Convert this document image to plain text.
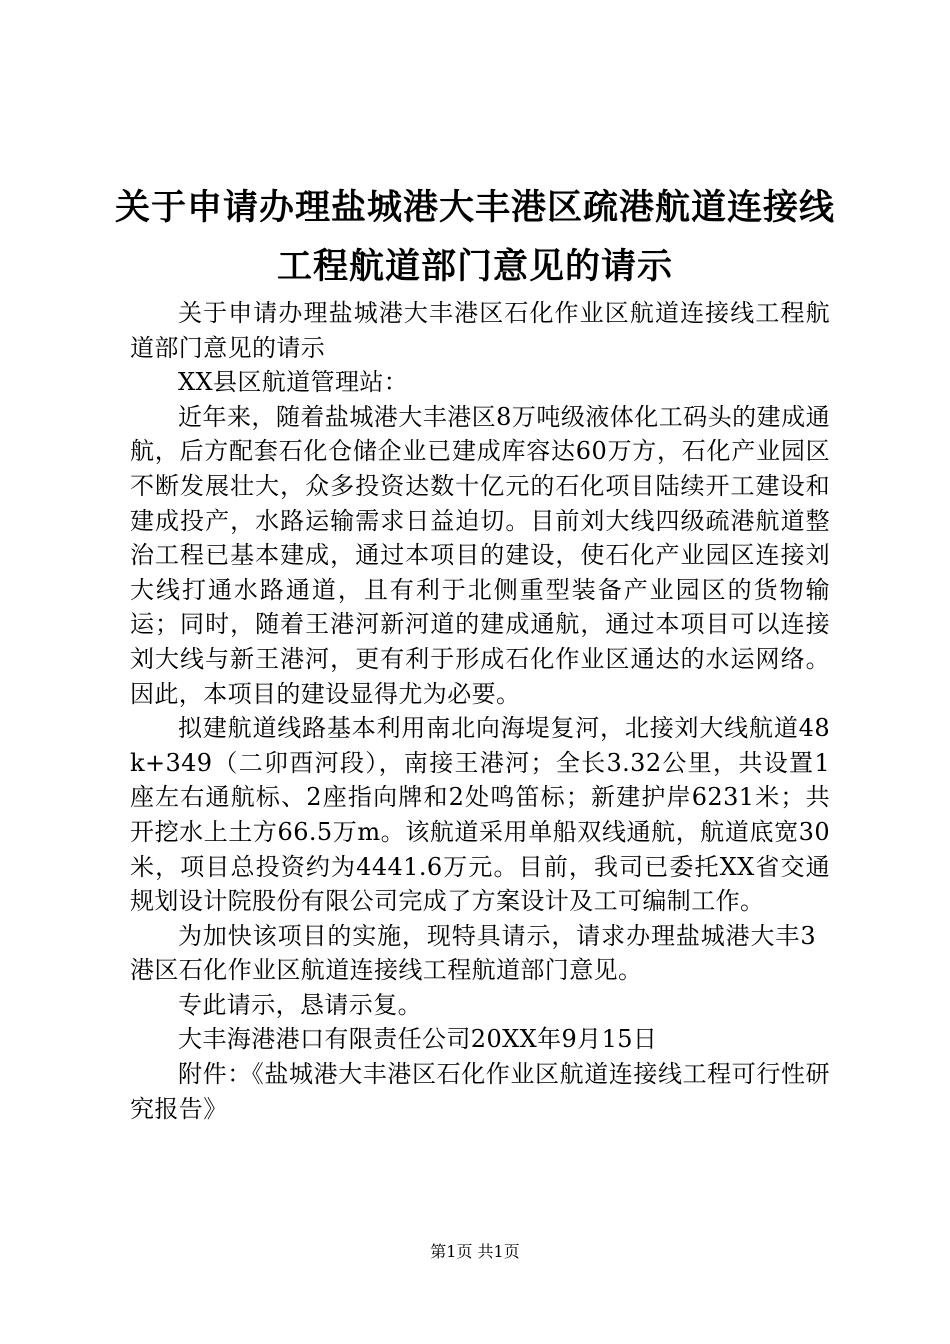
关于申请办理盐城港大丰港区疏港航道连接线
工程航道部门意见的请示

关于申请办理盐城港大丰港区石化作业区航道连接线工程航道部门意见的请示

XX县区航道管理站：

近年来，随着盐城港大丰港区8万吨级液体化工码头的建成通航，后方配套石化仓储企业已建成库容达60万方，石化产业园区不断发展壮大，众多投资达数十亿元的石化项目陆续开工建设和建成投产，水路运输需求日益迫切。目前刘大线四级疏港航道整治工程已基本建成，通过本项目的建设，使石化产业园区连接刘大线打通水路通道，且有利于北侧重型装备产业园区的货物输运；同时，随着王港河新河道的建成通航，通过本项目可以连接刘大线与新王港河，更有利于形成石化作业区通达的水运网络。因此，本项目的建设显得尤为必要。

拟建航道线路基本利用南北向海堤复河，北接刘大线航道48k+349（二卯酉河段），南接王港河；全长3.32公里，共设置1座左右通航标、2座指向牌和2处鸣笛标；新建护岸6231米；共开挖水上土方66.5万m。该航道采用单船双线通航，航道底宽30米，项目总投资约为4441.6万元。目前，我司已委托XX省交通规划设计院股份有限公司完成了方案设计及工可编制工作。

为加快该项目的实施，现特具请示，请求办理盐城港大丰3港区石化作业区航道连接线工程航道部门意见。

专此请示，恳请示复。

大丰海港港口有限责任公司20XX年9月15日

附件：《盐城港大丰港区石化作业区航道连接线工程可行性研究报告》

第1页 共1页
